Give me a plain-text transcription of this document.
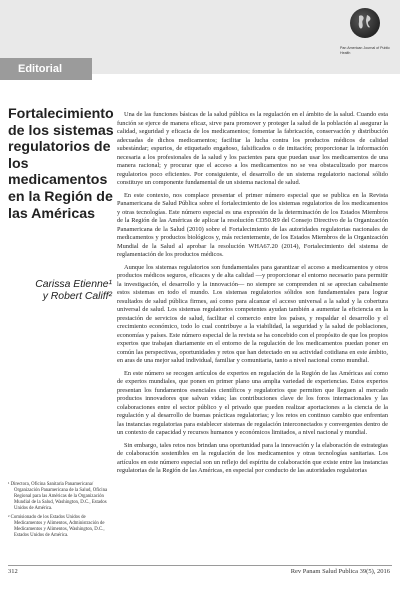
Editorial
Pan American Journal of Public Health
Fortalecimiento de los sistemas regulatorios de los medicamentos en la Región de las Américas
Carissa Etienne¹
y Robert Califf²

¹ Directora, Oficina Sanitaria Panamericana/ Organización Panamericana de la Salud, Oficina Regional para las Américas de la Organización Mundial de la Salud, Washington, D.C., Estados Unidos de América.

² Comisionado de los Estados Unidos de Medicamentos y Alimentos, Administración de Medicamentos y Alimentos, Washington, D.C., Estados Unidos de América.

Una de las funciones básicas de la salud pública es la regulación en el ámbito de la salud. Cuando esta función se ejerce de manera eficaz, sirve para promover y proteger la salud de la población al asegurar la calidad, seguridad y eficacia de los medicamentos; fomentar la fabricación, conservación y distribución adecuadas de dichos medicamentos; facilitar la lucha contra los productos médicos de calidad subestándar; espurios, de etiquetado engañoso, falsificados o de imitación; proporcionar la información necesaria a los profesionales de la salud y los pacientes para que puedan usar los medicamentos de una manera racional; y procurar que el acceso a los medicamentos no se vea obstaculizado por marcos regulatorios poco eficientes. Por consiguiente, el desarrollo de un sistema regulatorio nacional sólido constituye un componente fundamental de un sistema nacional de salud.

En este contexto, nos complace presentar el primer número especial que se publica en la Revista Panamericana de Salud Pública sobre el fortalecimiento de los sistemas regulatorios de los medicamentos y otras tecnologías. Este número especial es una expresión de la determinación de los Estados Miembros de la Región de las Américas de aplicar la resolución CD50.R9 del Consejo Directivo de la Organización Panamericana de la Salud (2010) sobre el Fortalecimiento de las autoridades regulatorias nacionales de medicamentos y productos biológicos y, más recientemente, de los Estados Miembros de la Organización Mundial de la Salud al aprobar la resolución WHA67.20 (2014), Fortalecimiento del sistema de reglamentación de los productos médicos.

Aunque los sistemas regulatorios son fundamentales para garantizar el acceso a medicamentos y otros productos médicos seguros, eficaces y de alta calidad —y proporcionar el entorno necesario para permitir la investigación, el desarrollo y la innovación— no siempre se comprenden ni se aprecian cabalmente estos sistemas en todo el mundo. Los sistemas regulatorios sólidos son fundamentales para lograr resultados de salud pública firmes, así como para alcanzar el acceso universal a la salud y la cobertura universal de salud. Los sistemas regulatorios competentes ayudan también a aumentar la eficiencia en la prestación de servicios de salud, facilitar el comercio entre los países, y respaldar el desarrollo y el crecimiento económico, todo lo cual contribuye a la viabilidad, la seguridad y la salud de poblaciones, economías y países. Este número especial de la revista se ha concebido con el propósito de que los propios expertos que trabajan diariamente en el entorno de la regulación de los medicamentos puedan poner en común las perspectivas, oportunidades y retos que han detectado en su actividad cotidiana en este ámbito, en aras de una mejor salud individual, familiar y comunitaria, tanto a nivel nacional como mundial.

En este número se recogen artículos de expertos en regulación de la Región de las Américas así como de expertos mundiales, que ponen en primer plano una amplia variedad de experiencias. Estos expertos presentan los fundamentos esenciales científicos y regulatorios que permiten que lleguen al mercado productos innovadores que salvan vidas; las contribuciones clave de los foros internacionales y las colaboraciones entre el sector público y el privado que pueden realizar aportaciones a la ciencia de la regulación y al desarrollo de buenas prácticas regulatorias; y los retos en continuo cambio que enfrentan las instancias regulatorias para establecer sistemas de regulación interconectados y convergentes dentro de un contexto de capacidad y recursos humanos y económicos limitados, a nivel nacional y mundial.

Sin embargo, tales retos nos brindan una oportunidad para la innovación y la elaboración de estrategias de colaboración sostenibles en la regulación de los medicamentos y otras tecnologías sanitarias. Los artículos en este número especial son un reflejo del espíritu de colaboración que existe entre las instancias regulatorias de la Región de las Américas, en especial por conducto de las autoridades regulatorias

312	Rev Panam Salud Publica 39(5), 2016
